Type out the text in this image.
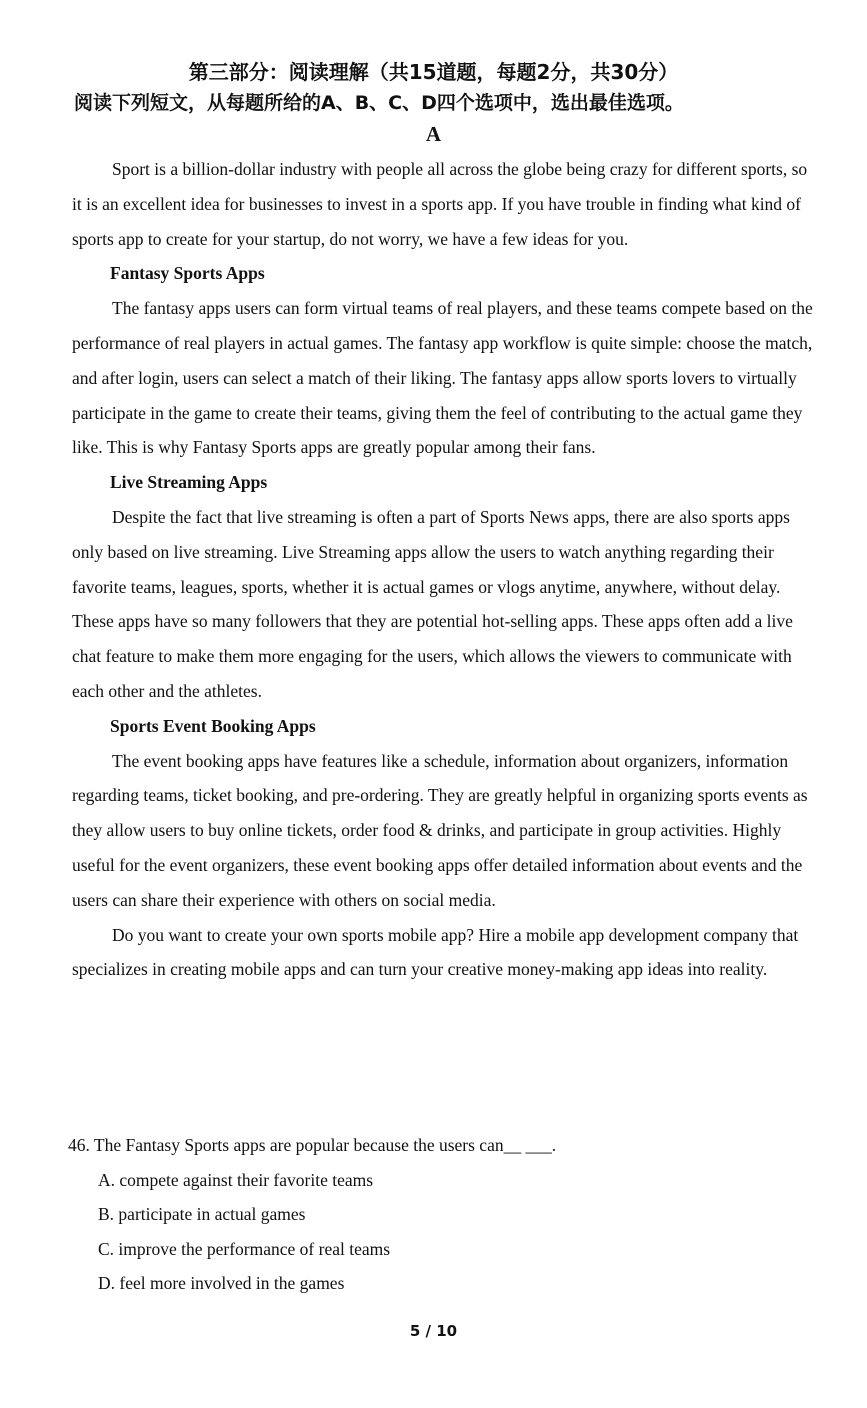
第三部分：阅读理解（共15道题，每题2分，共30分）

阅读下列短文，从每题所给的A、B、C、D四个选项中，选出最佳选项。

A

Sport is a billion-dollar industry with people all across the globe being crazy for different sports, so it is an excellent idea for businesses to invest in a sports app. If you have trouble in finding what kind of sports app to create for your startup, do not worry, we have a few ideas for you.

Fantasy Sports Apps

The fantasy apps users can form virtual teams of real players, and these teams compete based on the performance of real players in actual games. The fantasy app workflow is quite simple: choose the match, and after login, users can select a match of their liking. The fantasy apps allow sports lovers to virtually participate in the game to create their teams, giving them the feel of contributing to the actual game they like. This is why Fantasy Sports apps are greatly popular among their fans.

Live Streaming Apps

Despite the fact that live streaming is often a part of Sports News apps, there are also sports apps only based on live streaming. Live Streaming apps allow the users to watch anything regarding their favorite teams, leagues, sports, whether it is actual games or vlogs anytime, anywhere, without delay. These apps have so many followers that they are potential hot-selling apps. These apps often add a live chat feature to make them more engaging for the users, which allows the viewers to communicate with each other and the athletes.

Sports Event Booking Apps

The event booking apps have features like a schedule, information about organizers, information regarding teams, ticket booking, and pre-ordering. They are greatly helpful in organizing sports events as they allow users to buy online tickets, order food & drinks, and participate in group activities. Highly useful for the event organizers, these event booking apps offer detailed information about events and the users can share their experience with others on social media.

Do you want to create your own sports mobile app? Hire a mobile app development company that specializes in creating mobile apps and can turn your creative money-making app ideas into reality.

46. The Fantasy Sports apps are popular because the users can__ ___.

A. compete against their favorite teams

B. participate in actual games

C. improve the performance of real teams

D. feel more involved in the games

5 / 10
